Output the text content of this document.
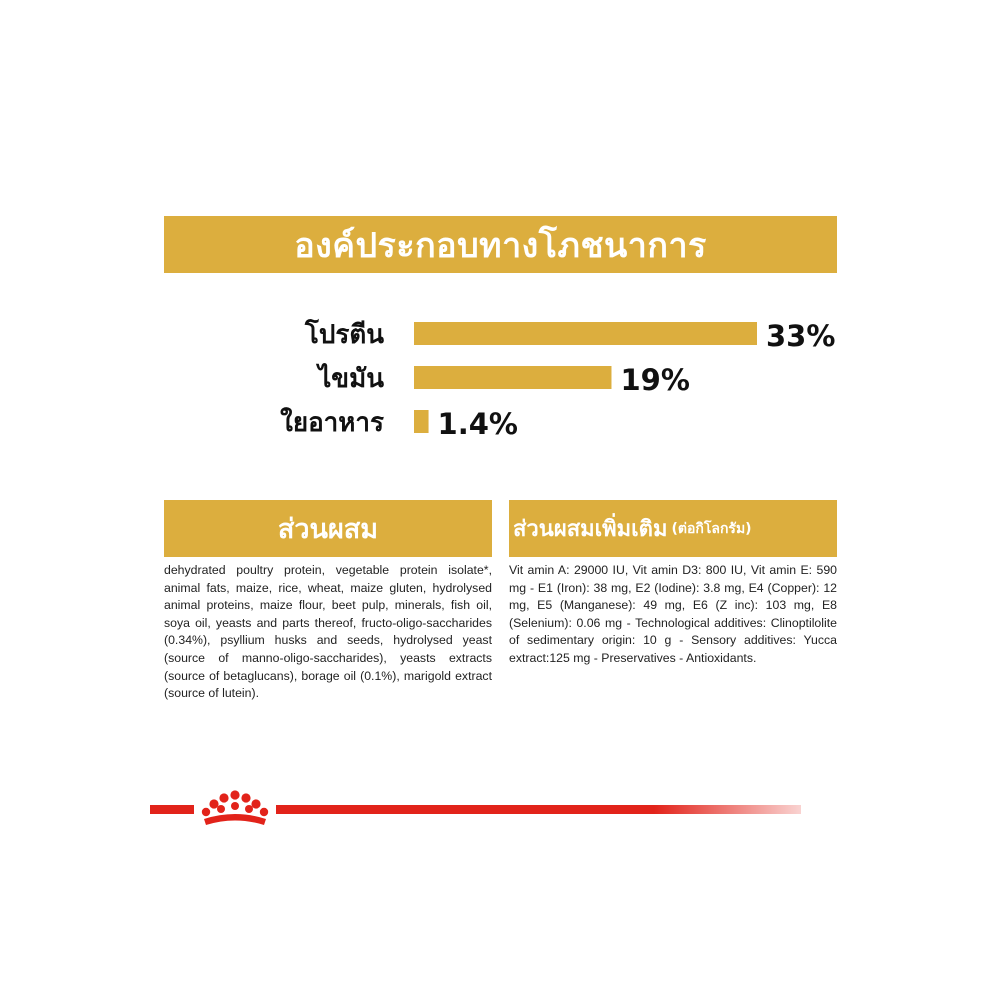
องค์ประกอบทางโภชนาการ
โปรตีน	33%
ไขมัน	19%
ใยอาหาร 1.4%
ส่วนผสม
dehydrated poultry protein, vegetable protein isolate*, animal fats, maize, rice, wheat, maize gluten, hydrolysed animal proteins, maize flour, beet pulp, minerals, fish oil, soya oil, yeasts and parts thereof, fructo-oligo-saccharides (0.34%), psyllium husks and seeds, hydrolysed yeast (source of manno-oligo-saccharides), yeasts extracts (source of betaglucans), borage oil (0.1%), marigold extract (source of lutein).
ส่วนผสมเพิ่มเติม (ต่อกิโลกรัม)
Vit amin A: 29000 IU, Vit amin D3: 800 IU, Vit amin E: 590 mg - E1 (Iron): 38 mg, E2 (Iodine): 3.8 mg, E4 (Copper): 12 mg, E5 (Manganese): 49 mg, E6 (Z inc): 103 mg, E8 (Selenium): 0.06 mg - Technological additives: Clinoptilolite of sedimentary origin: 10 g - Sensory additives: Yucca extract:125 mg - Preservatives - Antioxidants.
